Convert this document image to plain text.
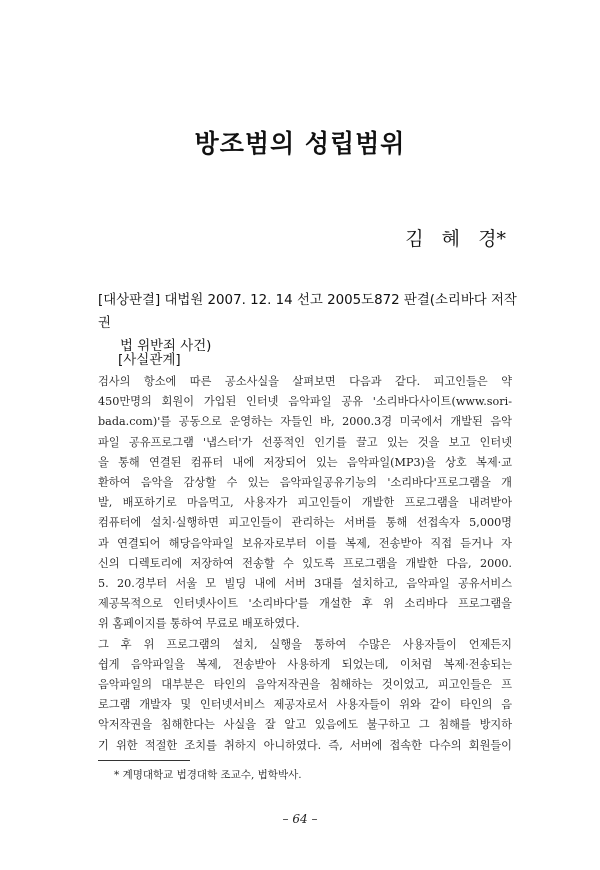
방조범의 성립범위
김   혜   경*
[대상판결] 대법원 2007. 12. 14 선고 2005도872 판결(소리바다 저작권
법 위반죄 사건)
[사실관계]
검사의 항소에 따른 공소사실을 살펴보면 다음과 같다. 피고인들은 약
450만명의 회원이 가입된 인터넷 음악파일 공유 '소리바다사이트(www.sori-
bada.com)'를 공동으로 운영하는 자들인 바, 2000.3경 미국에서 개발된 음악
파일 공유프로그램 '냅스터'가 선풍적인 인기를 끌고 있는 것을 보고 인터넷
을 통해 연결된 컴퓨터 내에 저장되어 있는 음악파일(MP3)을 상호 복제·교
환하여 음악을 감상할 수 있는 음악파일공유기능의 '소리바다'프로그램을 개
발, 배포하기로 마음먹고, 사용자가 피고인들이 개발한 프로그램을 내려받아
컴퓨터에 설치·실행하면 피고인들이 관리하는 서버를 통해 선접속자 5,000명
과 연결되어 해당음악파일 보유자로부터 이를 복제, 전송받아 직접 듣거나 자
신의 디렉토리에 저장하여 전송할 수 있도록 프로그램을 개발한 다음, 2000.
5. 20.경부터 서울 모 빌딩 내에 서버 3대를 설치하고, 음악파일 공유서비스
제공목적으로 인터넷사이트 '소리바다'를 개설한 후 위 소리바다 프로그램을
위 홈페이지를 통하여 무료로 배포하였다.
그 후 위 프로그램의 설치, 실행을 통하여 수많은 사용자들이 언제든지
쉽게 음악파일을 복제, 전송받아 사용하게 되었는데, 이처럼 복제·전송되는
음악파일의 대부분은 타인의 음악저작권을 침해하는 것이었고, 피고인들은 프
로그램 개발자 및 인터넷서비스 제공자로서 사용자들이 위와 같이 타인의 음
악저작권을 침해한다는 사실을 잘 알고 있음에도 불구하고 그 침해를 방지하
기 위한 적절한 조치를 취하지 아니하였다. 즉, 서버에 접속한 다수의 회원들이
* 계명대학교 법경대학 조교수, 법학박사.
– 64 –
